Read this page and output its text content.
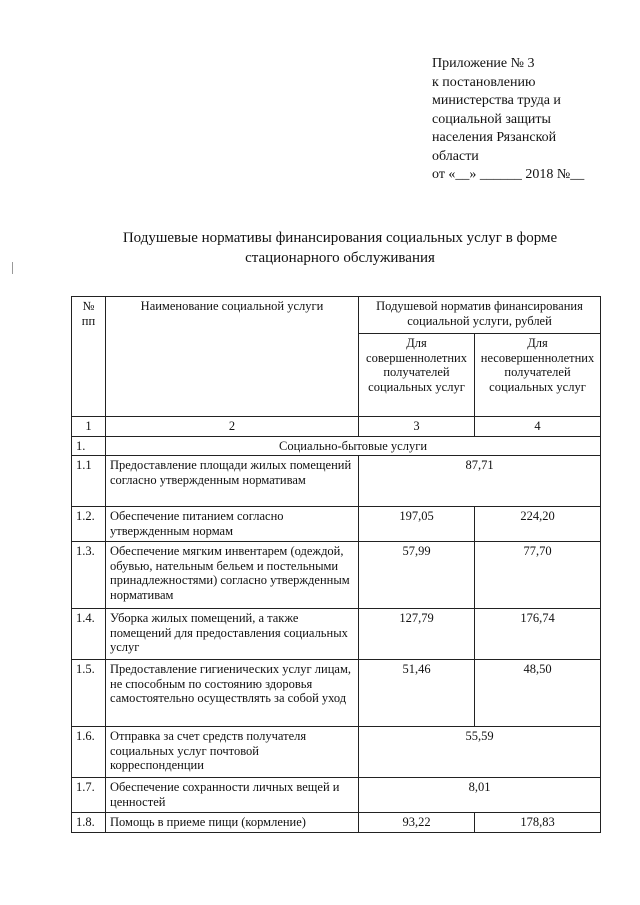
Приложение № 3
к постановлению
министерства труда и
социальной защиты
населения Рязанской
области
от «__» ______ 2018 №__
Подушевые нормативы финансирования социальных услуг в форме
стационарного обслуживания
№ пп	Наименование социальной услуги	Подушевой норматив финансирования социальной услуги, рублей	
		Для совершеннолетних получателей социальных услуг	Для несовершеннолетних получателей социальных услуг
1	2	3	4
1.	Социально-бытовые услуги		
1.1	Предоставление площади жилых помещений согласно утвержденным нормативам	87,71	
1.2.	Обеспечение питанием согласно утвержденным нормам	197,05	224,20
1.3.	Обеспечение мягким инвентарем (одеждой, обувью, нательным бельем и постельными принадлежностями) согласно утвержденным нормативам	57,99	77,70
1.4.	Уборка жилых помещений, а также помещений для предоставления социальных услуг	127,79	176,74
1.5.	Предоставление гигиенических услуг лицам, не способным по состоянию здоровья самостоятельно осуществлять за собой уход	51,46	48,50
1.6.	Отправка за счет средств получателя социальных услуг почтовой корреспонденции	55,59	
1.7.	Обеспечение сохранности личных вещей и ценностей	8,01	
1.8.	Помощь в приеме пищи (кормление)	93,22	178,83
